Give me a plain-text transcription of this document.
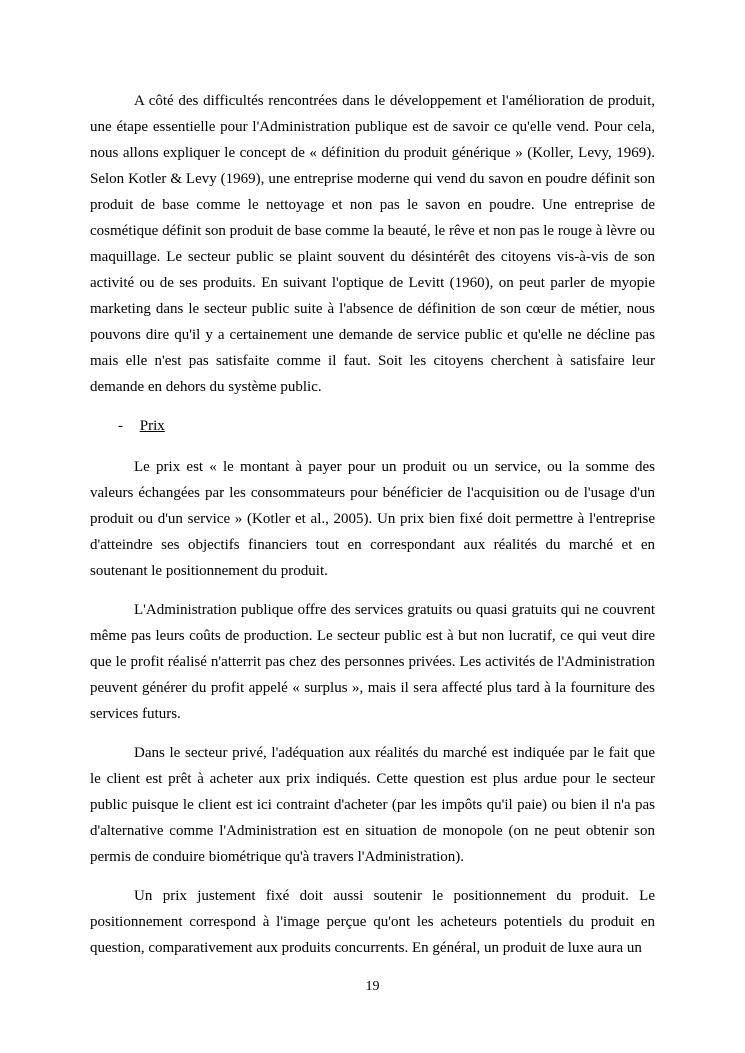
A côté des difficultés rencontrées dans le développement et l'amélioration de produit, une étape essentielle pour l'Administration publique est de savoir ce qu'elle vend. Pour cela, nous allons expliquer le concept de « définition du produit générique » (Koller, Levy, 1969). Selon Kotler & Levy (1969), une entreprise moderne qui vend du savon en poudre définit son produit de base comme le nettoyage et non pas le savon en poudre. Une entreprise de cosmétique définit son produit de base comme la beauté, le rêve et non pas le rouge à lèvre ou maquillage. Le secteur public se plaint souvent du désintérêt des citoyens vis-à-vis de son activité ou de ses produits. En suivant l'optique de Levitt (1960), on peut parler de myopie marketing dans le secteur public suite à l'absence de définition de son cœur de métier, nous pouvons dire qu'il y a certainement une demande de service public et qu'elle ne décline pas mais elle n'est pas satisfaite comme il faut. Soit les citoyens cherchent à satisfaire leur demande en dehors du système public.

- Prix

Le prix est « le montant à payer pour un produit ou un service, ou la somme des valeurs échangées par les consommateurs pour bénéficier de l'acquisition ou de l'usage d'un produit ou d'un service » (Kotler et al., 2005). Un prix bien fixé doit permettre à l'entreprise d'atteindre ses objectifs financiers tout en correspondant aux réalités du marché et en soutenant le positionnement du produit.

L'Administration publique offre des services gratuits ou quasi gratuits qui ne couvrent même pas leurs coûts de production. Le secteur public est à but non lucratif, ce qui veut dire que le profit réalisé n'atterrit pas chez des personnes privées. Les activités de l'Administration peuvent générer du profit appelé « surplus », mais il sera affecté plus tard à la fourniture des services futurs.

Dans le secteur privé, l'adéquation aux réalités du marché est indiquée par le fait que le client est prêt à acheter aux prix indiqués. Cette question est plus ardue pour le secteur public puisque le client est ici contraint d'acheter (par les impôts qu'il paie) ou bien il n'a pas d'alternative comme l'Administration est en situation de monopole (on ne peut obtenir son permis de conduire biométrique qu'à travers l'Administration).

Un prix justement fixé doit aussi soutenir le positionnement du produit. Le positionnement correspond à l'image perçue qu'ont les acheteurs potentiels du produit en question, comparativement aux produits concurrents. En général, un produit de luxe aura un

19
